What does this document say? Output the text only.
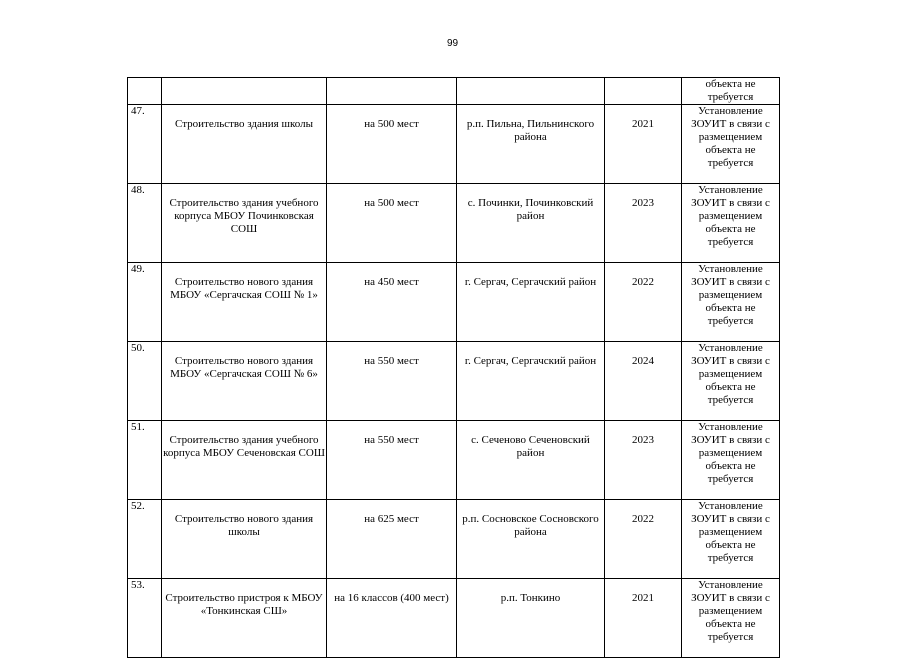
99
					объекта не требуется
47.	Строительство здания школы	на 500 мест	р.п. Пильна, Пильнинского района	2021	Установление ЗОУИТ в связи с размещением объекта не требуется
48.	Строительство здания учебного корпуса МБОУ Починковская СОШ	на 500 мест	с. Починки, Починковский район	2023	Установление ЗОУИТ в связи с размещением объекта не требуется
49.	Строительство нового здания МБОУ «Сергачская СОШ № 1»	на 450 мест	г. Сергач, Сергачский район	2022	Установление ЗОУИТ в связи с размещением объекта не требуется
50.	Строительство нового здания МБОУ «Сергачская СОШ № 6»	на 550 мест	г. Сергач, Сергачский район	2024	Установление ЗОУИТ в связи с размещением объекта не требуется
51.	Строительство здания учебного корпуса МБОУ Сеченовская СОШ	на 550 мест	с. Сеченово Сеченовский район	2023	Установление ЗОУИТ в связи с размещением объекта не требуется
52.	Строительство нового здания школы	на 625 мест	р.п. Сосновское Сосновского района	2022	Установление ЗОУИТ в связи с размещением объекта не требуется
53.	Строительство пристроя к МБОУ «Тонкинская СШ»	на 16 классов (400 мест)	р.п. Тонкино	2021	Установление ЗОУИТ в связи с размещением объекта не требуется
